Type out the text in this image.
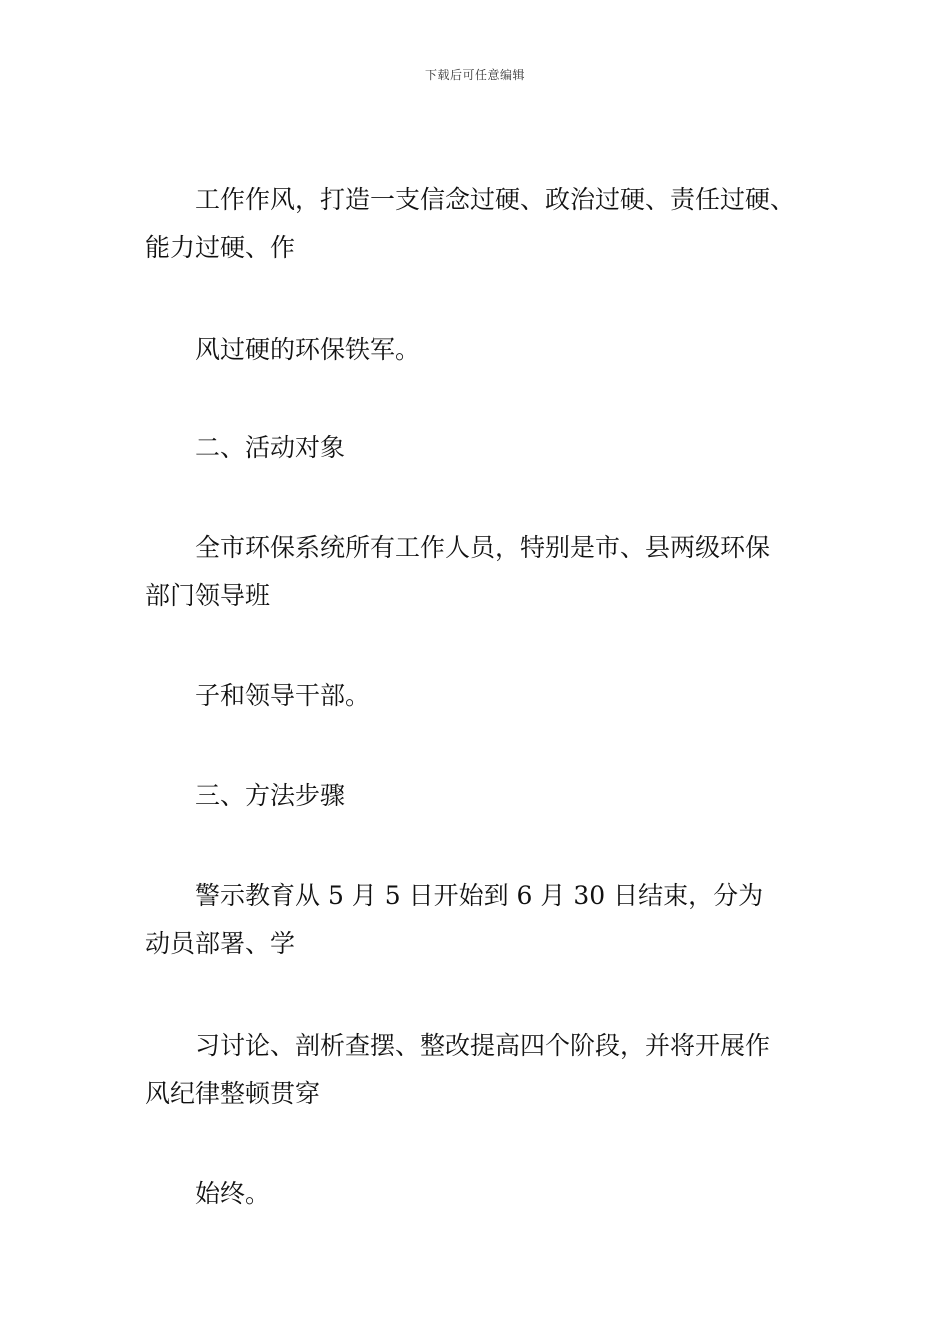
下载后可任意编辑
工作作风，打造一支信念过硬、政治过硬、责任过硬、
能力过硬、作
风过硬的环保铁军。
二、活动对象
全市环保系统所有工作人员，特别是市、县两级环保
部门领导班
子和领导干部。
三、方法步骤
警示教育从 5 月 5 日开始到 6 月 30 日结束，分为
动员部署、学
习讨论、剖析查摆、整改提高四个阶段，并将开展作
风纪律整顿贯穿
始终。
